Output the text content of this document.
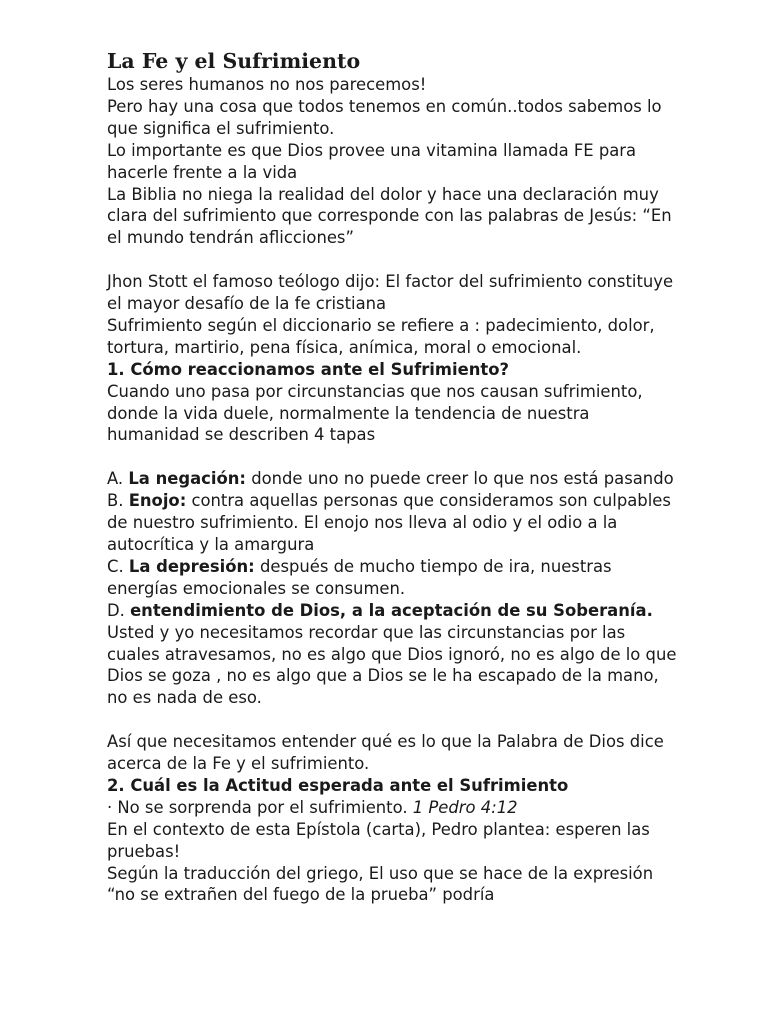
La Fe y el Sufrimiento

Los seres humanos no nos parecemos!

Pero hay una cosa que todos tenemos en común..todos sabemos lo que significa el sufrimiento.

Lo importante es que Dios provee una vitamina llamada FE para hacerle frente a la vida

La Biblia no niega la realidad del dolor y hace una declaración muy clara del sufrimiento que corresponde con las palabras de Jesús: “En el mundo tendrán aflicciones”

Jhon Stott el famoso teólogo dijo: El factor del sufrimiento constituye el mayor desafío de la fe cristiana

Sufrimiento según el diccionario se refiere a : padecimiento, dolor, tortura, martirio, pena física, anímica, moral o emocional.

1. Cómo reaccionamos ante el Sufrimiento?

Cuando uno pasa por circunstancias que nos causan sufrimiento, donde la vida duele, normalmente la tendencia de nuestra humanidad se describen 4 tapas

A. La negación: donde uno no puede creer lo que nos está pasando

B. Enojo: contra aquellas personas que consideramos son culpables de nuestro sufrimiento. El enojo nos lleva al odio y el odio a la autocrítica y la amargura

C. La depresión: después de mucho tiempo de ira, nuestras energías emocionales se consumen.

D. entendimiento de Dios, a la aceptación de su Soberanía. Usted y yo necesitamos recordar que las circunstancias por las cuales atravesamos, no es algo que Dios ignoró, no es algo de lo que Dios se goza , no es algo que a Dios se le ha escapado de la mano, no es nada de eso.

Así que necesitamos entender qué es lo que la Palabra de Dios dice acerca de la Fe y el sufrimiento.

2. Cuál es la Actitud esperada ante el Sufrimiento

· No se sorprenda por el sufrimiento. 1 Pedro 4:12

En el contexto de esta Epístola (carta), Pedro plantea: esperen las pruebas!

Según la traducción del griego, El uso que se hace de la expresión “no se extrañen del fuego de la prueba” podría
